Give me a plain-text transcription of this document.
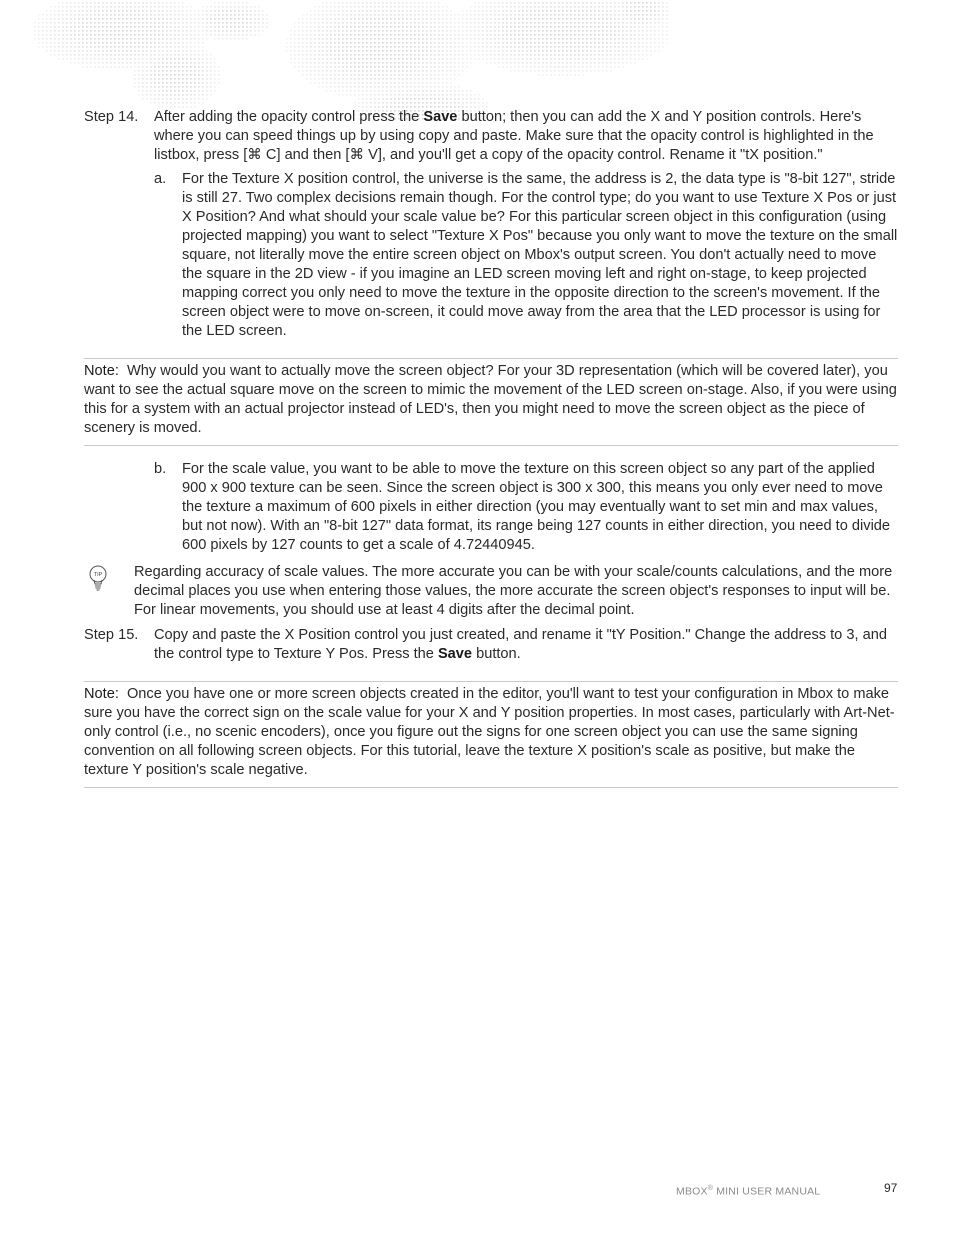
Step 14.	After adding the opacity control press the Save button; then you can add the X and Y position controls. Here's where you can speed things up by using copy and paste. Make sure that the opacity control is highlighted in the listbox, press [⌘ C] and then [⌘ V], and you'll get a copy of the opacity control. Rename it "tX position."
a.	For the Texture X position control, the universe is the same, the address is 2, the data type is "8-bit 127", stride is still 27. Two complex decisions remain though. For the control type; do you want to use Texture X Pos or just X Position? And what should your scale value be? For this particular screen object in this configuration (using projected mapping) you want to select "Texture X Pos" because you only want to move the texture on the small square, not literally move the entire screen object on Mbox's output screen. You don't actually need to move the square in the 2D view - if you imagine an LED screen moving left and right on-stage, to keep projected mapping correct you only need to move the texture in the opposite direction to the screen's movement. If the screen object were to move on-screen, it could move away from the area that the LED processor is using for the LED screen.
Note: Why would you want to actually move the screen object? For your 3D representation (which will be covered later), you want to see the actual square move on the screen to mimic the movement of the LED screen on-stage. Also, if you were using this for a system with an actual projector instead of LED's, then you might need to move the screen object as the piece of scenery is moved.
b.	For the scale value, you want to be able to move the texture on this screen object so any part of the applied 900 x 900 texture can be seen. Since the screen object is 300 x 300, this means you only ever need to move the texture a maximum of 600 pixels in either direction (you may eventually want to set min and max values, but not now). With an "8-bit 127" data format, its range being 127 counts in either direction, you need to divide 600 pixels by 127 counts to get a scale of 4.72440945.
TIP Regarding accuracy of scale values. The more accurate you can be with your scale/counts calculations, and the more decimal places you use when entering those values, the more accurate the screen object's responses to input will be. For linear movements, you should use at least 4 digits after the decimal point.
Step 15.	Copy and paste the X Position control you just created, and rename it "tY Position." Change the address to 3, and the control type to Texture Y Pos. Press the Save button.
Note: Once you have one or more screen objects created in the editor, you'll want to test your configuration in Mbox to make sure you have the correct sign on the scale value for your X and Y position properties. In most cases, particularly with Art-Net-only control (i.e., no scenic encoders), once you figure out the signs for one screen object you can use the same signing convention on all following screen objects. For this tutorial, leave the texture X position's scale as positive, but make the texture Y position's scale negative.
MBOX® MINI USER MANUAL	97
